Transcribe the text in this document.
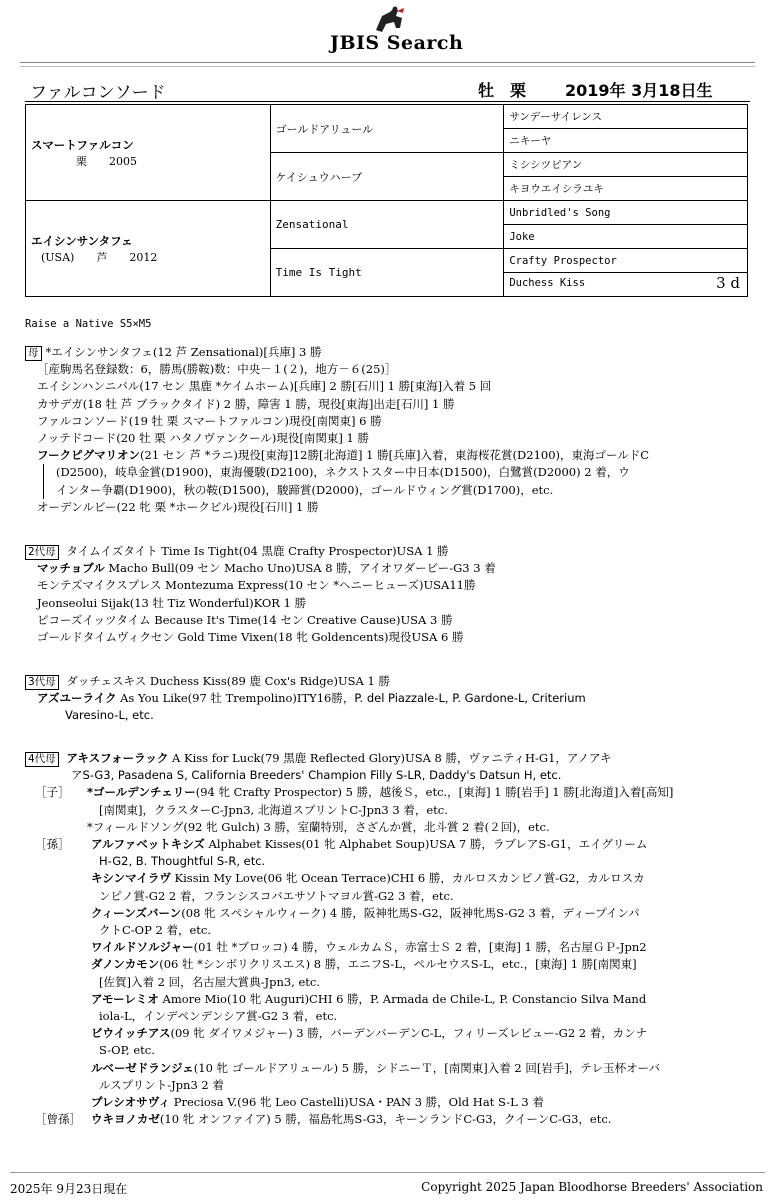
JBIS Search
ファルコンソード	牡　 栗 2019年 3月18日生
スマートファルコン
栗　　2005	ゴールドアリュール	サンデーサイレンス
		ニキーヤ
	ケイシュウハーブ	ミシシツピアン
		キヨウエイシラユキ

エイシンサンタフェ
(USA)　　芦　　2012	Zensational	Unbridled's Song
		Joke
	Time Is Tight	Crafty Prospector
		Duchess Kiss 3 d
Raise a Native S5×M5
母 *エイシンサンタフェ(12 芦 Zensational)[兵庫] 3 勝
［産駒馬名登録数：6，勝馬(勝鞍)数：中央－１(２)，地方－６(25)］
エイシンハンニバル(17 セン 黒鹿 *ケイムホーム)[兵庫] 2 勝[石川] 1 勝[東海]入着 5 回
カサデガ(18 牡 芦 ブラックタイド) 2 勝，障害 1 勝，現役[東海]出走[石川] 1 勝
ファルコンソード(19 牡 栗 スマートファルコン)現役[南関東] 6 勝
ノッテドコード(20 牡 栗 ハタノヴァンクール)現役[南関東] 1 勝
フークピグマリオン(21 セン 芦 *ラニ)現役[東海]12勝[北海道] 1 勝[兵庫]入着，東海桜花賞(D2100)，東海ゴールドC
(D2500)，岐阜金賞(D1900)，東海優駿(D2100)，ネクストスター中日本(D1500)，白鷺賞(D2000) 2 着，ウ
インター争覇(D1900)，秋の鞍(D1500)，駿蹄賞(D2000)，ゴールドウィング賞(D1700)，etc.
オーデンルビー(22 牝 栗 *ホークビル)現役[石川] 1 勝
2代母 タイムイズタイト Time Is Tight(04 黒鹿 Crafty Prospector)USA 1 勝
マッチョブル Macho Bull(09 セン Macho Uno)USA 8 勝，アイオワダービー-G3 3 着
モンテズマイクスプレス Montezuma Express(10 セン *ヘニーヒューズ)USA11勝
Jeonseolui Sijak(13 牡 Tiz Wonderful)KOR 1 勝
ビコーズイッツタイム Because It's Time(14 セン Creative Cause)USA 3 勝
ゴールドタイムヴィクセン Gold Time Vixen(18 牝 Goldencents)現役USA 6 勝
3代母 ダッチェスキス Duchess Kiss(89 鹿 Cox's Ridge)USA 1 勝
アズユーライク As You Like(97 牡 Trempolino)ITY16勝，P. del Piazzale-L, P. Gardone-L, Criterium
Varesino-L, etc.
4代母 アキスフォーラック A Kiss for Luck(79 黒鹿 Reflected Glory)USA 8 勝，ヴァニティH-G1，アノアキ
アS-G3, Pasadena S, California Breeders' Champion Filly S-LR, Daddy's Datsun H, etc.
［子］ *ゴールデンチェリー(94 牝 Crafty Prospector) 5 勝，越後Ｓ，etc.，[東海] 1 勝[岩手] 1 勝[北海道]入着[高知]
[南関東]，クラスターC-Jpn3, 北海道スプリントC-Jpn3 3 着，etc.
*フィールドソング(92 牝 Gulch) 3 勝，室蘭特別，さざんか賞，北斗賞 2 着(２回)，etc.
［孫］ アルファベットキシズ Alphabet Kisses(01 牝 Alphabet Soup)USA 7 勝，ラブレアS-G1，エイグリーム
H-G2, B. Thoughtful S-R, etc.
キシンマイラヴ Kissin My Love(06 牝 Ocean Terrace)CHI 6 勝，カルロスカンピノ賞-G2，カルロスカ
ンピノ賞-G2 2 着，フランシスコバエサソトマヨル賞-G2 3 着，etc.
クィーンズバーン(08 牝 スペシャルウィーク) 4 勝，阪神牝馬S-G2，阪神牝馬S-G2 3 着，ディープインパ
クトC-OP 2 着，etc.
ワイルドソルジャー(01 牡 *ブロッコ) 4 勝，ウェルカムＳ，赤富士Ｓ 2 着，[東海] 1 勝，名古屋ＧＰ-Jpn2
ダノンカモン(06 牡 *シンボリクリスエス) 8 勝，エニフS-L，ペルセウスS-L，etc.，[東海] 1 勝[南関東]
[佐賀]入着 2 回，名古屋大賞典-Jpn3, etc.
アモーレミオ Amore Mio(10 牝 Auguri)CHI 6 勝，P. Armada de Chile-L, P. Constancio Silva Mand
iola-L，インデペンデンシア賞-G2 3 着，etc.
ビウイッチアス(09 牝 ダイワメジャー) 3 勝，バーデンバーデンC-L，フィリーズレビュー-G2 2 着，カンナ
S-OP, etc.
ルベーゼドランジェ(10 牝 ゴールドアリュール) 5 勝，シドニーＴ，[南関東]入着 2 回[岩手]，テレ玉杯オーバ
ルスプリント-Jpn3 2 着
プレシオサヴィ Preciosa V.(96 牝 Leo Castelli)USA・PAN 3 勝，Old Hat S-L 3 着
［曾孫］ ウキヨノカゼ(10 牝 オンファイア) 5 勝，福島牝馬S-G3，キーンランドC-G3，クイーンC-G3，etc.
2025年 9月23日現在	Copyright 2025 Japan Bloodhorse Breeders' Association
